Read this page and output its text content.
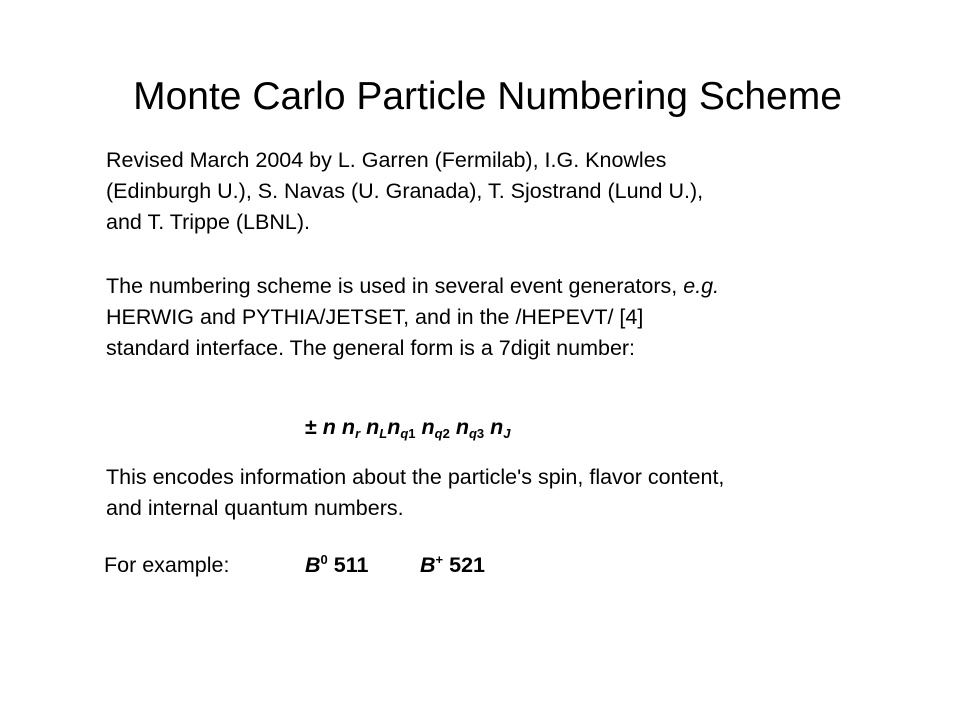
Monte Carlo Particle Numbering Scheme
Revised March 2004 by L. Garren (Fermilab), I.G. Knowles
(Edinburgh U.), S. Navas (U. Granada), T. Sjostrand (Lund U.),
and T. Trippe (LBNL).
The numbering scheme is used in several event generators, e.g.
HERWIG and PYTHIA/JETSET, and in the /HEPEVT/ [4]
standard interface. The general form is a 7digit number:
± n $n_r$ $n_Ln_{q1}$ $n_{q2}$ $n_{q3}$ $n_J$
This encodes information about the particle's spin, flavor content,
and internal quantum numbers.
For example:	$B^0$ 511 B+ 521
